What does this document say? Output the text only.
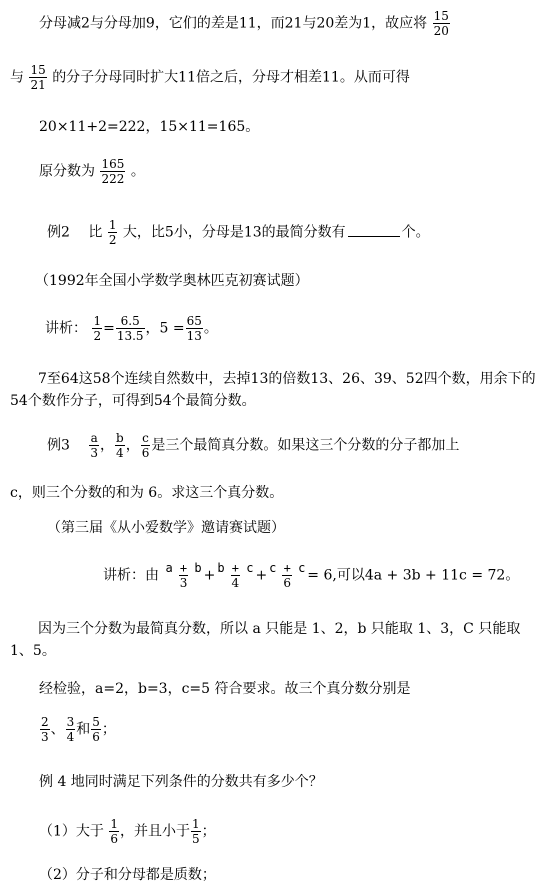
分母减2与分母加9，它们的差是11，而21与20差为1，故应将 $\frac{15}{20}$
与 $\frac{15}{21}$ 的分子分母同时扩大11倍之后，分母才相差11。从而可得
20×11+2=222，15×11=165。
原分数为 $\frac{165}{222}$ 。
例2　 比 $\frac{1}{2}$ 大，比5小，分母是13的最简分数有	个。
（1992年全国小学数学奥林匹克初赛试题）
讲析： $\frac{1}{2} = \frac{6.5}{13.5}$ ，$5 = \frac{65}{13}$ 。
7至64这58个连续自然数中，去掉13的倍数13、26、39、52四个数，用余下的54个数作分子，可得到54个最简分数。
例3　 $\frac{a}{3}$ ， $\frac{b}{4}$ ， $\frac{c}{6}$ 是三个最简真分数。如果这三个分数的分子都加上
c，则三个分数的和为 6。求这三个真分数。
（第三届《从小爱数学》邀请赛试题）
讲析：由 $\frac{a + b}{3} + \frac{b + c}{4} + \frac{c + c}{6} = 6$,可以4a + 3b + 11c = 72。
因为三个分数为最简真分数，所以 a 只能是 1、2，b 只能取 1、3，C 只能取 1、5。
经检验，a=2，b=3，c=5 符合要求。故三个真分数分别是
$\frac{2}{3}$ 、 $\frac{3}{4}$ 和 $\frac{5}{6}$ ；
例 4 地同时满足下列条件的分数共有多少个？
（1）大于 $\frac{1}{6}$ ，并且小于 $\frac{1}{5}$ ；
（2）分子和分母都是质数；
